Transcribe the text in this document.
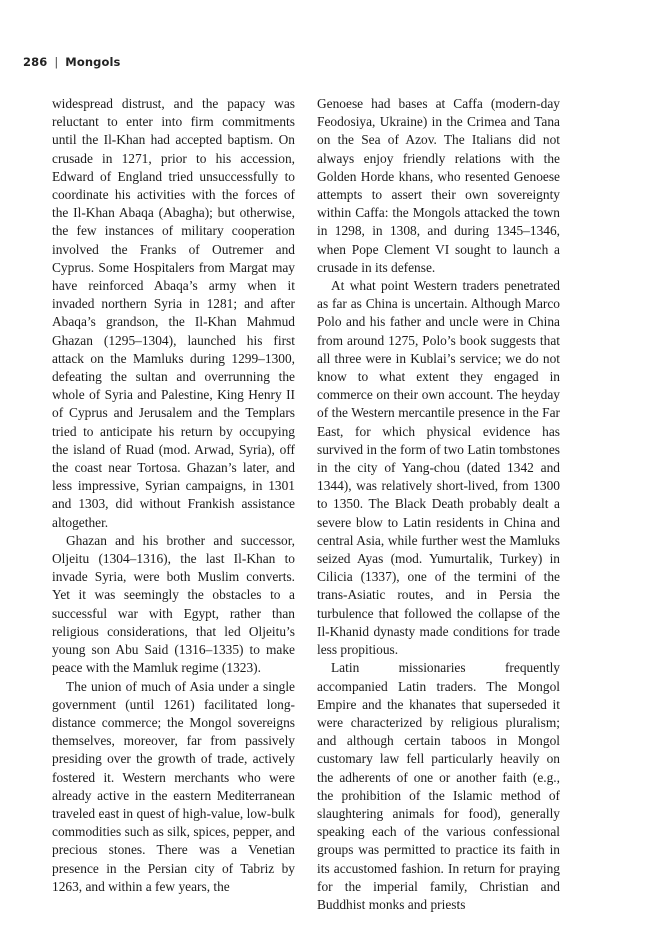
286 | Mongols

widespread distrust, and the papacy was reluctant to enter into firm commitments until the Il-Khan had accepted baptism. On crusade in 1271, prior to his accession, Edward of England tried unsuccessfully to coordinate his activities with the forces of the Il-Khan Abaqa (Abagha); but otherwise, the few instances of military cooperation involved the Franks of Outremer and Cyprus. Some Hospitalers from Margat may have reinforced Abaqa’s army when it invaded northern Syria in 1281; and after Abaqa’s grandson, the Il-Khan Mahmud Ghazan (1295–1304), launched his first attack on the Mamluks during 1299–1300, defeating the sultan and overrunning the whole of Syria and Palestine, King Henry II of Cyprus and Jerusalem and the Templars tried to anticipate his return by occupying the island of Ruad (mod. Arwad, Syria), off the coast near Tortosa. Ghazan’s later, and less impressive, Syrian campaigns, in 1301 and 1303, did without Frankish assistance altogether.

Ghazan and his brother and successor, Oljeitu (1304–1316), the last Il-Khan to invade Syria, were both Muslim converts. Yet it was seemingly the obstacles to a successful war with Egypt, rather than religious considerations, that led Oljeitu’s young son Abu Said (1316–1335) to make peace with the Mamluk regime (1323).

The union of much of Asia under a single government (until 1261) facilitated long-distance commerce; the Mongol sovereigns themselves, moreover, far from passively presiding over the growth of trade, actively fostered it. Western merchants who were already active in the eastern Mediterranean traveled east in quest of high-value, low-bulk commodities such as silk, spices, pepper, and precious stones. There was a Venetian presence in the Persian city of Tabriz by 1263, and within a few years, the

Genoese had bases at Caffa (modern-day Feodosiya, Ukraine) in the Crimea and Tana on the Sea of Azov. The Italians did not always enjoy friendly relations with the Golden Horde khans, who resented Genoese attempts to assert their own sovereignty within Caffa: the Mongols attacked the town in 1298, in 1308, and during 1345–1346, when Pope Clement VI sought to launch a crusade in its defense.

At what point Western traders penetrated as far as China is uncertain. Although Marco Polo and his father and uncle were in China from around 1275, Polo’s book suggests that all three were in Kublai’s service; we do not know to what extent they engaged in commerce on their own account. The heyday of the Western mercantile presence in the Far East, for which physical evidence has survived in the form of two Latin tombstones in the city of Yang-chou (dated 1342 and 1344), was relatively short-lived, from 1300 to 1350. The Black Death probably dealt a severe blow to Latin residents in China and central Asia, while further west the Mamluks seized Ayas (mod. Yumurtalik, Turkey) in Cilicia (1337), one of the termini of the trans-Asiatic routes, and in Persia the turbulence that followed the collapse of the Il-Khanid dynasty made conditions for trade less propitious.

Latin missionaries frequently accompanied Latin traders. The Mongol Empire and the khanates that superseded it were characterized by religious pluralism; and although certain taboos in Mongol customary law fell particularly heavily on the adherents of one or another faith (e.g., the prohibition of the Islamic method of slaughtering animals for food), generally speaking each of the various confessional groups was permitted to practice its faith in its accustomed fashion. In return for praying for the imperial family, Christian and Buddhist monks and priests
